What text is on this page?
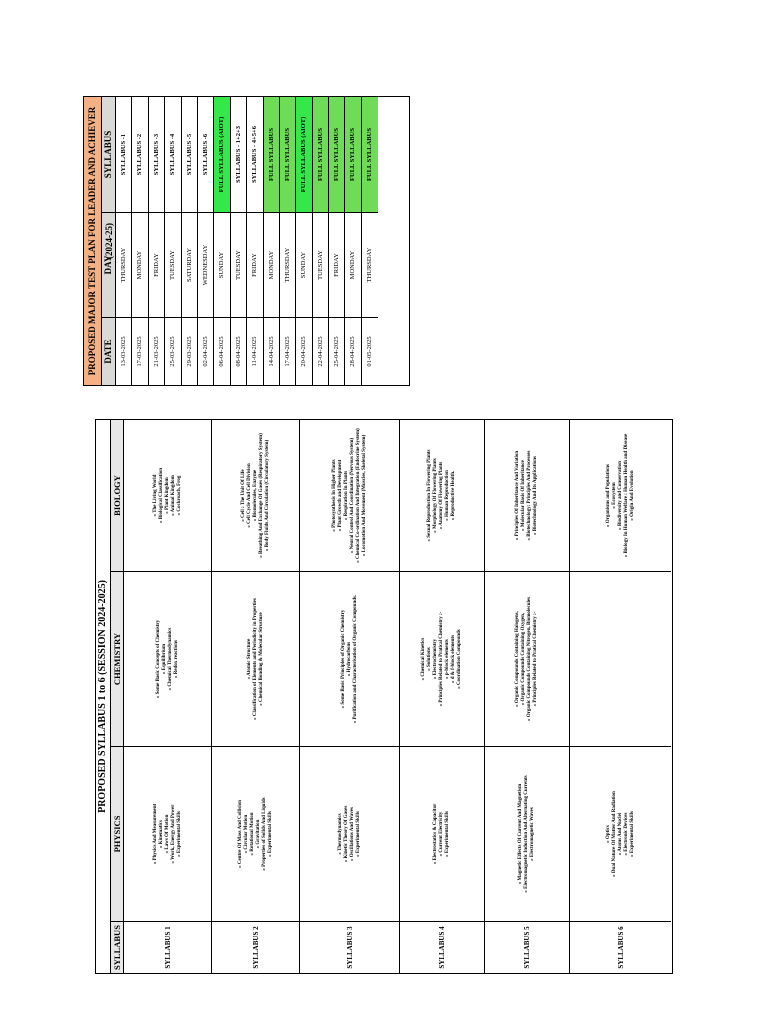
PROPOSED SYLLABUS 1 to 6 (SESSION 2024-2025)
SYLLABUS
PHYSICS
CHEMISTRY
BIOLOGY
SYLLABUS 1
» Physics And Measurement » Kinematics » Laws Of Motion » Work, Energy And Power » Experimental Skills
» Some Basic Concepts of Chemistry » Equilibrium » Chemical Thermodynamics » Redox reactions
» The Living World » Biological Classification » Plant Kingdom » Animal Kingdom » Cockroach, Frog
SYLLABUS 2
» Centre Of Mass And Collision » Circular Motion » Rotational Motion » Gravitation » Properties of Solids And Liquids » Experimental Skills
» Atomic Structure » Classification of Elements and Periodicity in Properties » Chemical Bonding & Molecular Structure
» Cell : The Unit Of Life » Cell Cycle And Cell Division » Biomolecules, Enzyme » Breathing And Exchange Of Gases (Respiratory System) » Body Fluids And Circulation (Circulatory System)
SYLLABUS 3
» Thermodynamics » Kinetic Theory Of Gases » Oscillations And Waves » Experimental Skills
» Some Basic Principles of Organic Chemistry » Hydrocarbons » Purification and Characterisation of Organic Compounds.
» Photosynthesis In Higher Plants » Plant Growth and Development » Respiration In Plants » Neural Control And Coordination (Nervous System) » Chemical Co-ordination And Integration (Endocrine System) » Locomotion And Movement (Muscles, Skeletal System)
SYLLABUS 4
» Electrostatics & Capacitor » Current Electricity » Experimental Skills
» Chemical Kinetics » Solutions » Electrochemistry » Principles Related to Pratical Chemistry :- » p-block elements » d & f-block elements » Coordination Compounds
» Sexual Reproduction In Flowering Plants » Morphology Of Flowering Plants » Anatomy Of Flowering Plants » Human Reproduction » Reproductive Health.
SYLLABUS 5
» Magnetic Effects Of Current And Magnetism » Electromagnetic Induction And Alternating Currents » Electromagnetic Waves
» Organic Compounds Containing Halogens, » Organic Compounds Containing Oxygen, » Organic Compounds Containing Nitrogen, Biomolecules » Principles Related to Pratical Chemistry :-
» Principles Of Inheritance And Variation » Molecular Basis Of Inheritance » Biotechnology: Principles And Processes » Biotechnology And Its Applications
SYLLABUS 6
» Optics » Dual Nature Of Matter And Radiation » Atoms And Nuclei » Electronic Devices » Experimental Skills
» Organisms and Populations » Ecosystem » Biodiversity and Conservation » Biology In Human Welfare : Human Health and Disease » Origin And Evolution
PROPOSED MAJOR TEST PLAN FOR LEADER AND ACHIEVER (2024-25)
DATE
DAY
SYLLABUS
13-03-2025
THURSDAY
SYLLABUS -1
17-03-2025
MONDAY
SYLLABUS -2
21-03-2025
FRIDAY
SYLLABUS -3
25-03-2025
TUESDAY
SYLLABUS -4
29-03-2025
SATURDAY
SYLLABUS -5
02-04-2025
WEDNESDAY
SYLLABUS -6
06-04-2025
SUNDAY
FULL SYLLABUS (AIOT)
08-04-2025
TUESDAY
SYLLABUS - 1+2+3
11-04-2025
FRIDAY
SYLLABUS - 4+5+6
14-04-2025
MONDAY
FULL SYLLABUS
17-04-2025
THURSDAY
FULL SYLLABUS
20-04-2025
SUNDAY
FULL SYLLABUS (AIOT)
22-04-2025
TUESDAY
FULL SYLLABUS
25-04-2025
FRIDAY
FULL SYLLABUS
28-04-2025
MONDAY
FULL SYLLABUS
01-05-2025
THURSDAY
FULL SYLLABUS
